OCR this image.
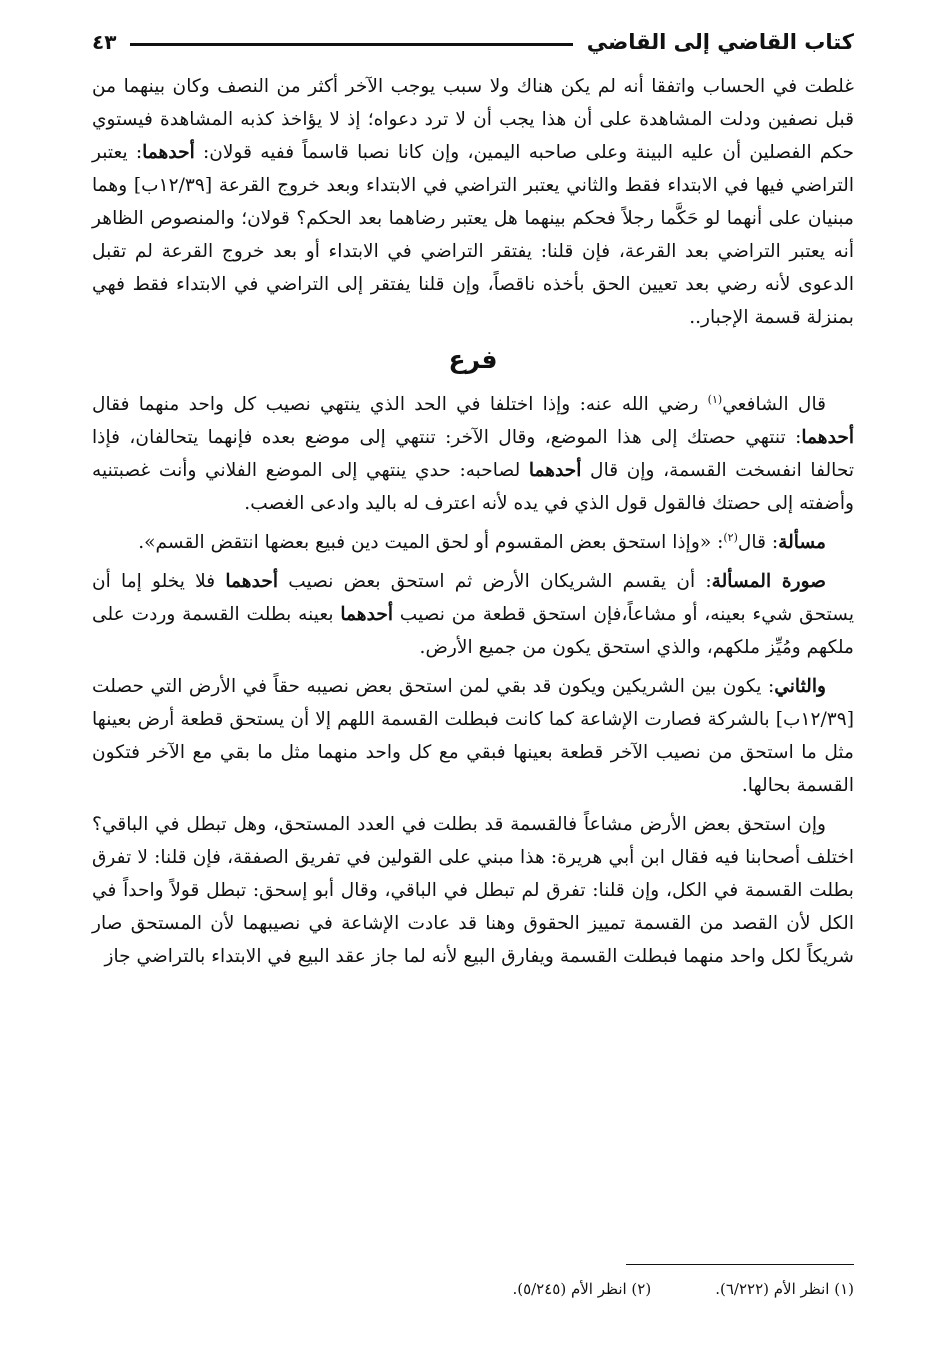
كتاب القاضي إلى القاضي
٤٣

غلطت في الحساب واتفقا أنه لم يكن هناك ولا سبب يوجب الآخر أكثر من النصف وكان بينهما من قبل نصفين ودلت المشاهدة على أن هذا يجب أن لا ترد دعواه؛ إذ لا يؤاخذ كذبه المشاهدة فيستوي حكم الفصلين أن عليه البينة وعلى صاحبه اليمين، وإن كانا نصبا قاسماً ففيه قولان: أحدهما: يعتبر التراضي فيها في الابتداء فقط والثاني يعتبر التراضي في الابتداء وبعد خروج القرعة [١٢/٣٩ب] وهما مبنيان على أنهما لو حَكَّما رجلاً فحكم بينهما هل يعتبر رضاهما بعد الحكم؟ قولان؛ والمنصوص الظاهر أنه يعتبر التراضي بعد القرعة، فإن قلنا: يفتقر التراضي في الابتداء أو بعد خروج القرعة لم تقبل الدعوى لأنه رضي بعد تعيين الحق بأخذه ناقصاً، وإن قلنا يفتقر إلى التراضي في الابتداء فقط فهي بمنزلة قسمة الإجبار..

فرع

قال الشافعي$^{(١)}$ رضي الله عنه: وإذا اختلفا في الحد الذي ينتهي نصيب كل واحد منهما فقال أحدهما: تنتهي حصتك إلى هذا الموضع، وقال الآخر: تنتهي إلى موضع بعده فإنهما يتحالفان، فإذا تحالفا انفسخت القسمة، وإن قال أحدهما لصاحبه: حدي ينتهي إلى الموضع الفلاني وأنت غصبتنيه وأضفته إلى حصتك فالقول قول الذي في يده لأنه اعترف له باليد وادعى الغصب.

مسألة: قال$^{(٢)}$: «وإذا استحق بعض المقسوم أو لحق الميت دين فبيع بعضها انتقض القسم».

صورة المسألة: أن يقسم الشريكان الأرض ثم استحق بعض نصيب أحدهما فلا يخلو إما أن يستحق شيء بعينه، أو مشاعاً،فإن استحق قطعة من نصيب أحدهما بعينه بطلت القسمة وردت على ملكهم ومُيِّز ملكهم، والذي استحق يكون من جميع الأرض.

والثاني: يكون بين الشريكين ويكون قد بقي لمن استحق بعض نصيبه حقاً في الأرض التي حصلت [١٢/٣٩ب] بالشركة فصارت الإشاعة كما كانت فبطلت القسمة اللهم إلا أن يستحق قطعة أرض بعينها مثل ما استحق من نصيب الآخر قطعة بعينها فبقي مع كل واحد منهما مثل ما بقي مع الآخر فتكون القسمة بحالها.

وإن استحق بعض الأرض مشاعاً فالقسمة قد بطلت في العدد المستحق، وهل تبطل في الباقي؟ اختلف أصحابنا فيه فقال ابن أبي هريرة: هذا مبني على القولين في تفريق الصفقة، فإن قلنا: لا تفرق بطلت القسمة في الكل، وإن قلنا: تفرق لم تبطل في الباقي، وقال أبو إسحق: تبطل قولاً واحداً في الكل لأن القصد من القسمة تمييز الحقوق وهنا قد عادت الإشاعة في نصيبهما لأن المستحق صار شريكاً لكل واحد منهما فبطلت القسمة ويفارق البيع لأنه لما جاز عقد البيع في الابتداء بالتراضي جاز

(١) انظر الأم (٦/٢٢٢).
(٢) انظر الأم (٥/٢٤٥).
